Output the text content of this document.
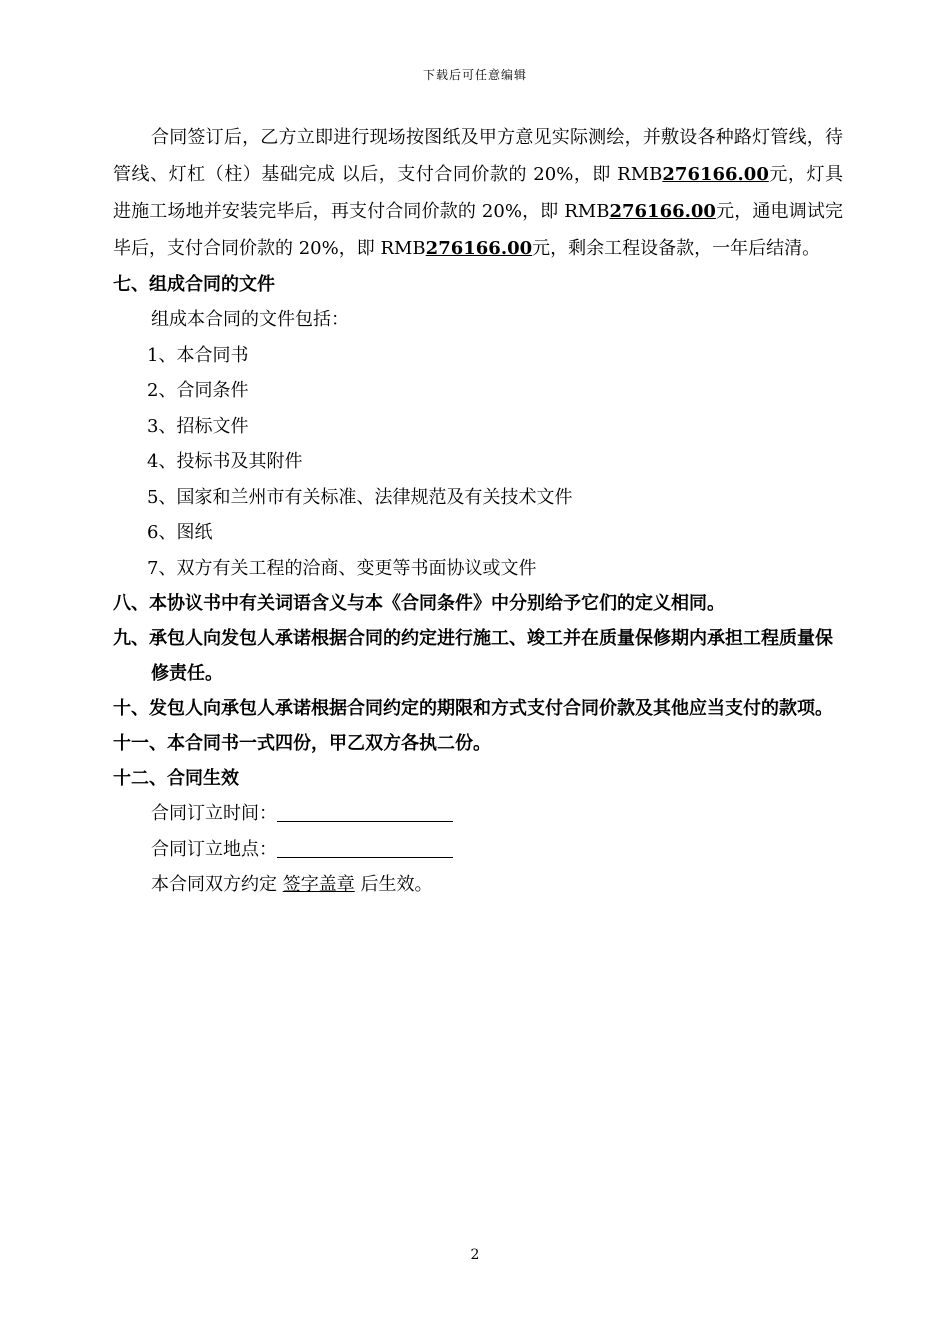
下载后可任意编辑

合同签订后，乙方立即进行现场按图纸及甲方意见实际测绘，并敷设各种路灯管线，待管线、灯杠（柱）基础完成 以后，支付合同价款的 20%，即 RMB276166.00元，灯具进施工场地并安装完毕后，再支付合同价款的 20%，即 RMB276166.00元，通电调试完毕后，支付合同价款的 20%，即 RMB276166.00元，剩余工程设备款，一年后结清。

七、组成合同的文件

组成本合同的文件包括：

1、本合同书

2、合同条件

3、招标文件

4、投标书及其附件

5、国家和兰州市有关标准、法律规范及有关技术文件

6、图纸

7、双方有关工程的洽商、变更等书面协议或文件

八、本协议书中有关词语含义与本《合同条件》中分别给予它们的定义相同。

九、承包人向发包人承诺根据合同的约定进行施工、竣工并在质量保修期内承担工程质量保修责任。

十、发包人向承包人承诺根据合同约定的期限和方式支付合同价款及其他应当支付的款项。

十一、本合同书一式四份，甲乙双方各执二份。

十二、合同生效

合同订立时间：

合同订立地点：

本合同双方约定 签字盖章 后生效。

2
